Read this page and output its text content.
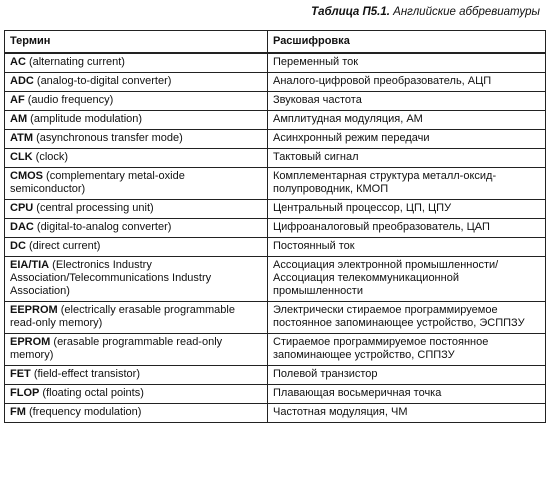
Таблица П5.1. Английские аббревиатуры
Термин	Расшифровка
AC (alternating current)	Переменный ток
ADC (analog-to-digital converter)	Аналого-цифровой преобразователь, АЦП
AF (audio frequency)	Звуковая частота
AM (amplitude modulation)	Амплитудная модуляция, АМ
ATM (asynchronous transfer mode)	Асинхронный режим передачи
CLK (clock)	Тактовый сигнал
CMOS (complementary metal-oxide semiconductor)	Комплементарная структура металл-оксид-полупроводник, КМОП
CPU (central processing unit)	Центральный процессор, ЦП, ЦПУ
DAC (digital-to-analog converter)	Цифроаналоговый преобразователь, ЦАП
DC (direct current)	Постоянный ток
EIA/TIA (Electronics Industry Association/Telecommunications Industry Association)	Ассоциация электронной промышленности/Ассоциация телекоммуникационной промышленности
EEPROM (electrically erasable programmable read-only memory)	Электрически стираемое программируемое постоянное запоминающее устройство, ЭСППЗУ
EPROM (erasable programmable read-only memory)	Стираемое программируемое постоянное запоминающее устройство, СППЗУ
FET (field-effect transistor)	Полевой транзистор
FLOP (floating octal points)	Плавающая восьмеричная точка
FM (frequency modulation)	Частотная модуляция, ЧМ
